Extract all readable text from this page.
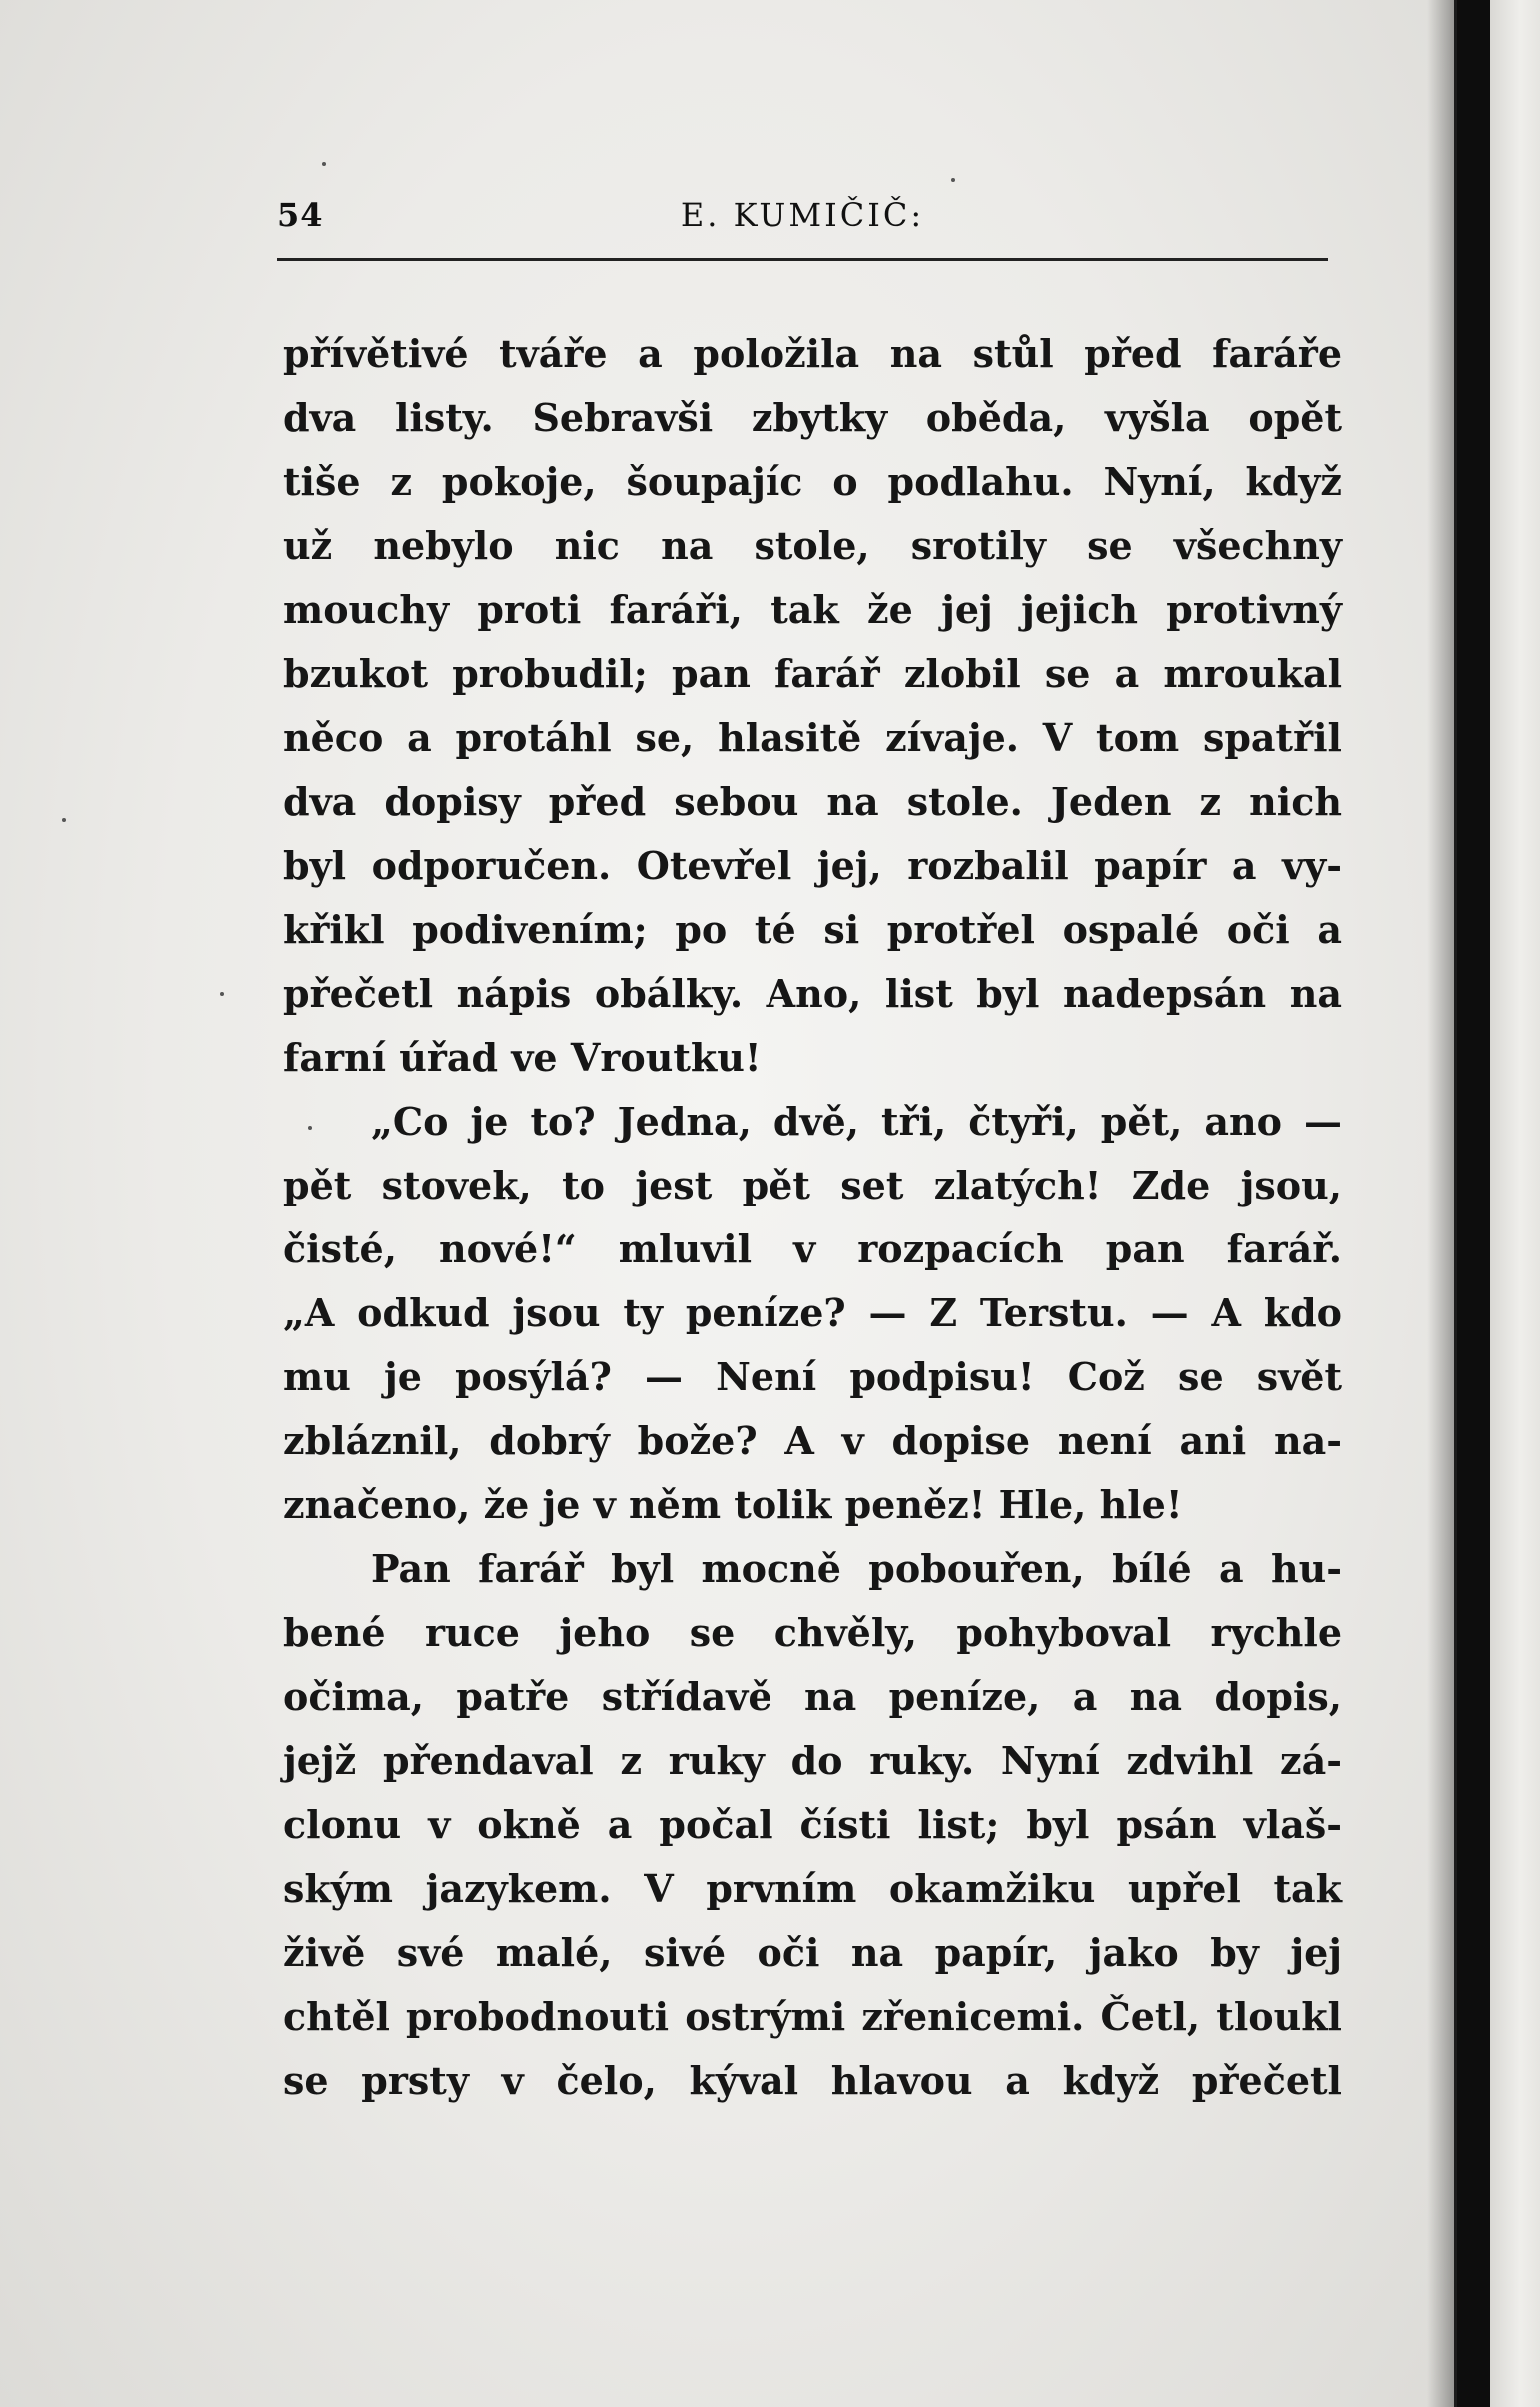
54	E. KUMIČIČ:
přívětivé tváře a položila na stůl před faráře
dva listy. Sebravši zbytky oběda, vyšla opět
tiše z pokoje, šoupajíc o podlahu. Nyní, když
už nebylo nic na stole, srotily se všechny
mouchy proti faráři, tak že jej jejich protivný
bzukot probudil; pan farář zlobil se a mroukal
něco a protáhl se, hlasitě zívaje. V tom spatřil
dva dopisy před sebou na stole. Jeden z nich
byl odporučen. Otevřel jej, rozbalil papír a vy-
křikl podivením; po té si protřel ospalé oči a
přečetl nápis obálky. Ano, list byl nadepsán na
farní úřad ve Vroutku!
„Co je to? Jedna, dvě, tři, čtyři, pět, ano —
pět stovek, to jest pět set zlatých! Zde jsou,
čisté, nové!“ mluvil v rozpacích pan farář.
„A odkud jsou ty peníze? — Z Terstu. — A kdo
mu je posýlá? — Není podpisu! Což se svět
zbláznil, dobrý bože? A v dopise není ani na-
značeno, že je v něm tolik peněz! Hle, hle!
Pan farář byl mocně pobouřen, bílé a hu-
bené ruce jeho se chvěly, pohyboval rychle
očima, patře střídavě na peníze, a na dopis,
jejž přendaval z ruky do ruky. Nyní zdvihl zá-
clonu v okně a počal čísti list; byl psán vlaš-
ským jazykem. V prvním okamžiku upřel tak
živě své malé, sivé oči na papír, jako by jej
chtěl probodnouti ostrými zřenicemi. Četl, tloukl
se prsty v čelo, kýval hlavou a když přečetl
